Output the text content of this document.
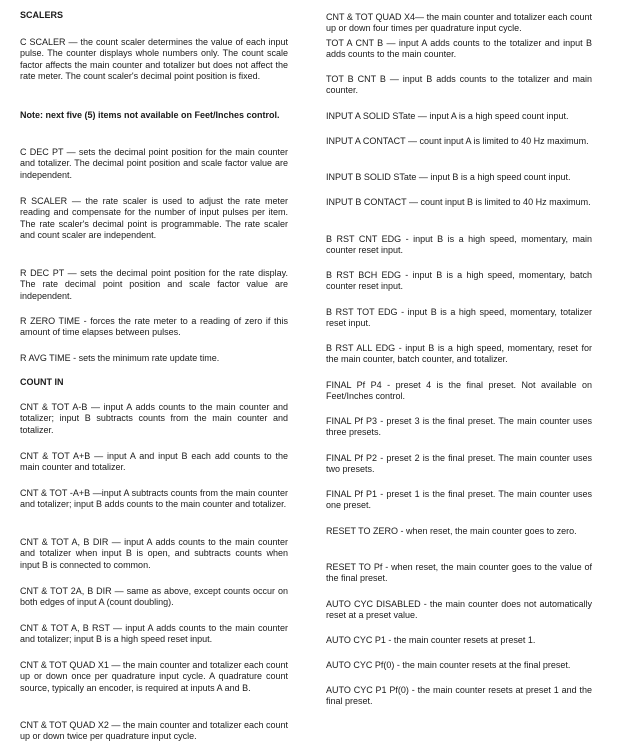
SCALERS

C SCALER — the count scaler determines the value of each input pulse. The counter displays whole numbers only. The count scale factor affects the main counter and totalizer but does not affect the rate meter. The count scaler's decimal point position is fixed.

Note: next five (5) items not available on Feet/Inches control.

C DEC PT — sets the decimal point position for the main counter and totalizer. The decimal point position and scale factor value are independent.

R SCALER — the rate scaler is used to adjust the rate meter reading and compensate for the number of input pulses per item. The rate scaler's decimal point is programmable. The rate scaler and count scaler are independent.

R DEC PT — sets the decimal point position for the rate display. The rate decimal point position and scale factor value are independent.

R ZERO TIME - forces the rate meter to a reading of zero if this amount of time elapses between pulses.

R AVG TIME - sets the minimum rate update time.

COUNT IN

CNT & TOT A-B — input A adds counts to the main counter and totalizer; input B subtracts counts from the main counter and totalizer.

CNT & TOT A+B — input A and input B each add counts to the main counter and totalizer.

CNT & TOT -A+B —input A subtracts counts from the main counter and totalizer; input B adds counts to the main counter and totalizer.

CNT & TOT A, B DIR — input A adds counts to the main counter and totalizer when input B is open, and subtracts counts when input B is connected to common.

CNT & TOT 2A, B DIR — same as above, except counts occur on both edges of input A (count doubling).

CNT & TOT A, B RST — input A adds counts to the main counter and totalizer; input B is a high speed reset input.

CNT & TOT QUAD X1 — the main counter and totalizer each count up or down once per quadrature input cycle. A quadrature count source, typically an encoder, is required at inputs A and B.

CNT & TOT QUAD X2 — the main counter and totalizer each count up or down twice per quadrature input cycle.

CNT & TOT QUAD X4— the main counter and totalizer each count up or down four times per quadrature input cycle.

TOT A CNT B — input A adds counts to the totalizer and input B adds counts to the main counter.

TOT B CNT B — input B adds counts to the totalizer and main counter.

INPUT A SOLID STate — input A is a high speed count input.

INPUT A CONTACT — count input A is limited to 40 Hz maximum.

INPUT B SOLID STate — input B is a high speed count input.

INPUT B CONTACT — count input B is limited to 40 Hz maximum.

B RST CNT EDG - input B is a high speed, momentary, main counter reset input.

B RST BCH EDG - input B is a high speed, momentary, batch counter reset input.

B RST TOT EDG - input B is a high speed, momentary, totalizer reset input.

B RST ALL EDG - input B is a high speed, momentary, reset for the main counter, batch counter, and totalizer.

FINAL Pf P4 - preset 4 is the final preset. Not available on Feet/Inches control.

FINAL Pf P3 - preset 3 is the final preset. The main counter uses three presets.

FINAL Pf P2 - preset 2 is the final preset. The main counter uses two presets.

FINAL Pf P1 - preset 1 is the final preset. The main counter uses one preset.

RESET TO ZERO - when reset, the main counter goes to zero.

RESET TO Pf - when reset, the main counter goes to the value of the final preset.

AUTO CYC DISABLED - the main counter does not automatically reset at a preset value.

AUTO CYC P1 - the main counter resets at preset 1.

AUTO CYC Pf(0) - the main counter resets at the final preset.

AUTO CYC P1 Pf(0) - the main counter resets at preset 1 and the final preset.
